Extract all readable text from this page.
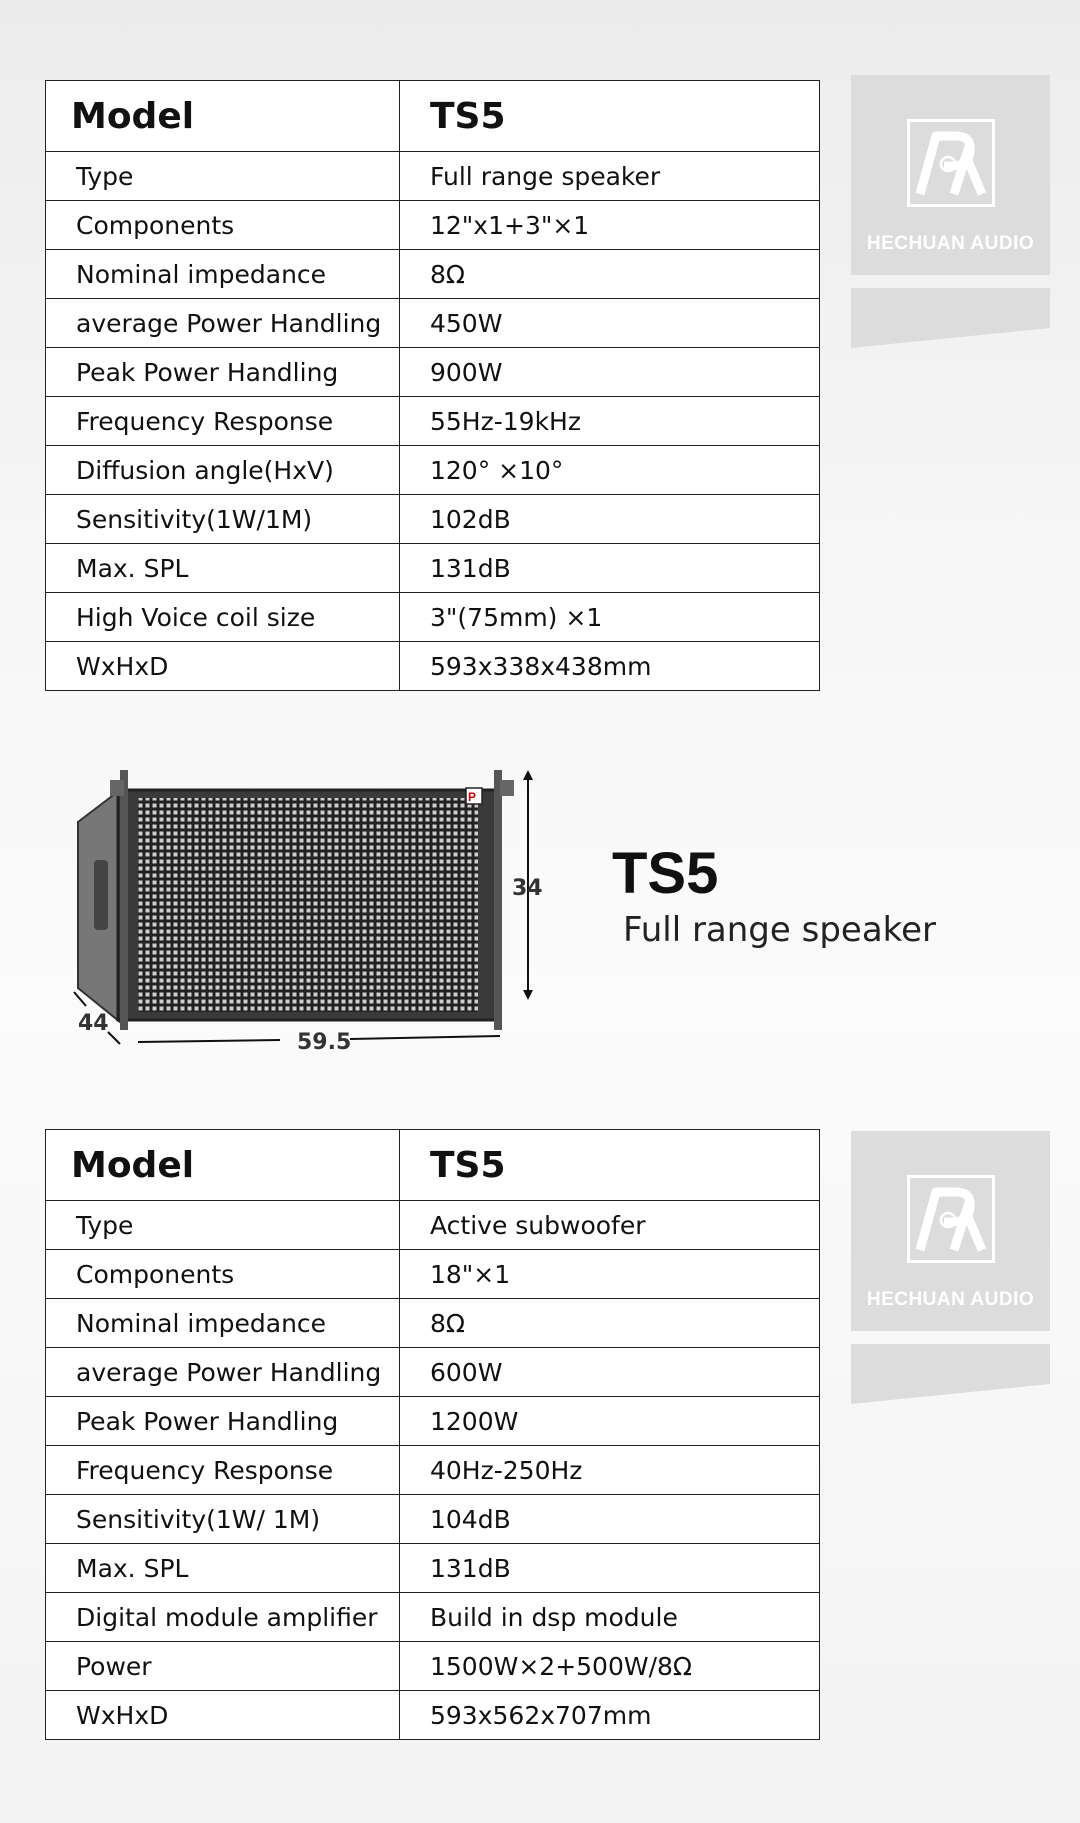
Model	TS5
Type	Full range speaker
Components	12"x1+3"×1
Nominal impedance	8Ω
average Power Handling	450W
Peak Power Handling	900W
Frequency Response	55Hz-19kHz
Diffusion angle(HxV)	120° ×10°
Sensitivity(1W/1M)	102dB
Max. SPL	131dB
High Voice coil size	3"(75mm) ×1
WxHxD	593x338x438mm
HECHUAN AUDIO
P
34
59.5
44
TS5
Full range speaker
Model	TS5
Type	Active subwoofer
Components	18"×1
Nominal impedance	8Ω
average Power Handling	600W
Peak Power Handling	1200W
Frequency Response	40Hz-250Hz
Sensitivity(1W/ 1M)	104dB
Max. SPL	131dB
Digital module amplifier	Build in dsp module
Power	1500W×2+500W/8Ω
WxHxD	593x562x707mm
HECHUAN AUDIO
